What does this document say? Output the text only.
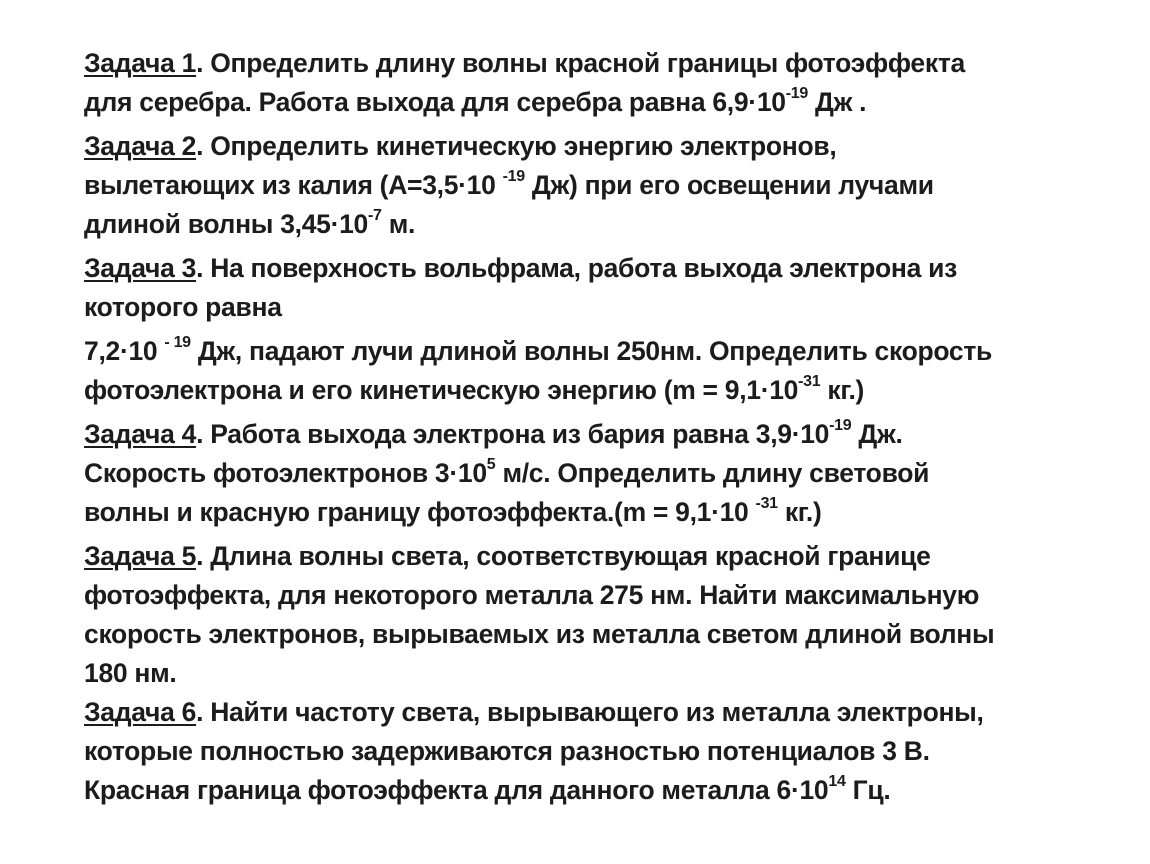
Задача 1. Определить длину волны красной границы фотоэффекта
для серебра. Работа выхода для серебра равна $6,9\cdot 10^{-19}$ Дж .

Задача 2. Определить кинетическую энергию электронов,
вылетающих из калия (А=3,5·10 $^{-19}$ Дж) при его освещении лучами
длиной волны $3,45\cdot 10^{-7}$ м.

Задача 3. На поверхность вольфрама, работа выхода электрона из
которого равна

7,2·10 $^{- 19}$ Дж, падают лучи длиной волны 250нм. Определить скорость
фотоэлектрона и его кинетическую энергию ($m = 9,1\cdot 10^{-31}$ кг.)

Задача 4. Работа выхода электрона из бария равна $3,9\cdot 10^{-19}$ Дж.
Скорость фотоэлектронов $3\cdot 10^5$ м/с. Определить длину световой
волны и красную границу фотоэффекта.(m = 9,1·10 $^{-31}$ кг.)

Задача 5. Длина волны света, соответствующая красной границе
фотоэффекта, для некоторого металла 275 нм. Найти максимальную
скорость электронов, вырываемых из металла светом длиной волны
180 нм.

Задача 6. Найти частоту света, вырывающего из металла электроны,
которые полностью задерживаются разностью потенциалов 3 В.
Красная граница фотоэффекта для данного металла $6\cdot 10^{14}$ Гц.
